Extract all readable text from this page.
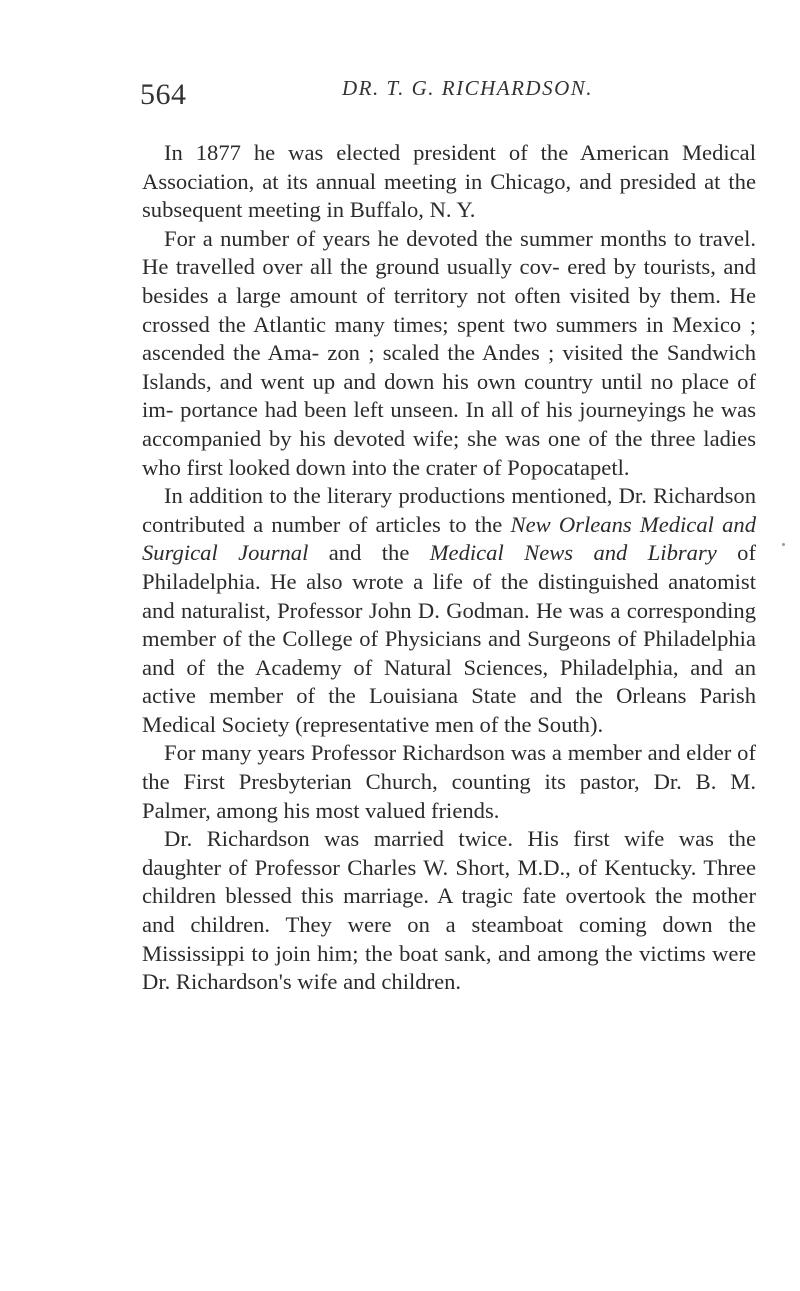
564	DR. T. G. RICHARDSON.

In 1877 he was elected president of the American Medical Association, at its annual meeting in Chicago, and presided at the subsequent meeting in Buffalo, N. Y.

For a number of years he devoted the summer months to travel. He travelled over all the ground usually cov- ered by tourists, and besides a large amount of territory not often visited by them. He crossed the Atlantic many times; spent two summers in Mexico ; ascended the Ama- zon ; scaled the Andes ; visited the Sandwich Islands, and went up and down his own country until no place of im- portance had been left unseen. In all of his journeyings he was accompanied by his devoted wife; she was one of the three ladies who first looked down into the crater of Popocatapetl.

In addition to the literary productions mentioned, Dr. Richardson contributed a number of articles to the New Orleans Medical and Surgical Journal and the Medical News and Library of Philadelphia. He also wrote a life of the distinguished anatomist and naturalist, Professor John D. Godman. He was a corresponding member of the College of Physicians and Surgeons of Philadelphia and of the Academy of Natural Sciences, Philadelphia, and an active member of the Louisiana State and the Orleans Parish Medical Society (representative men of the South).

For many years Professor Richardson was a member and elder of the First Presbyterian Church, counting its pastor, Dr. B. M. Palmer, among his most valued friends.

Dr. Richardson was married twice. His first wife was the daughter of Professor Charles W. Short, M.D., of Kentucky. Three children blessed this marriage. A tragic fate overtook the mother and children. They were on a steamboat coming down the Mississippi to join him; the boat sank, and among the victims were Dr. Richardson's wife and children.
